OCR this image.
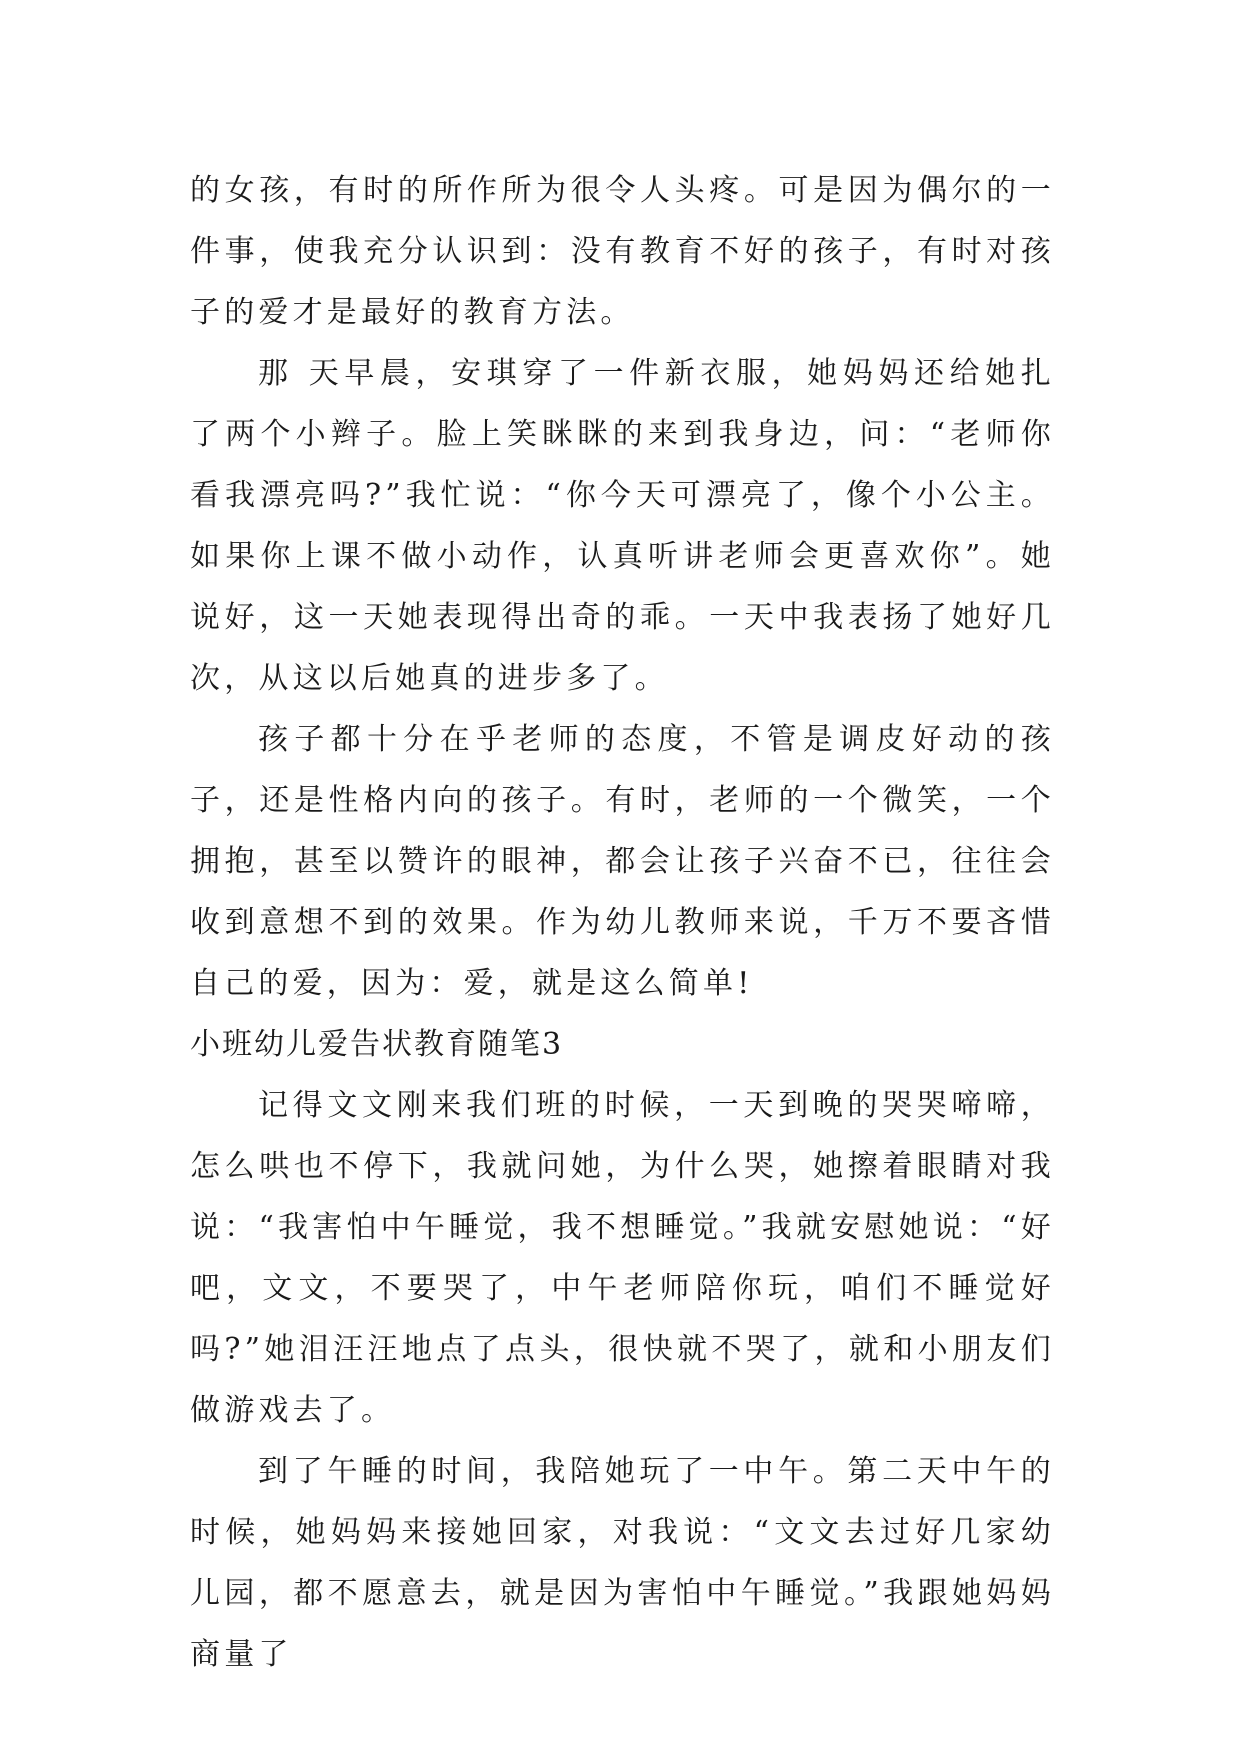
的女孩，有时的所作所为很令人头疼。可是因为偶尔的一件事，使我充分认识到：没有教育不好的孩子，有时对孩子的爱才是最好的教育方法。

那 天早晨，安琪穿了一件新衣服，她妈妈还给她扎了两个小辫子。脸上笑眯眯的来到我身边，问：“老师你看我漂亮吗?”我忙说：“你今天可漂亮了，像个小公主。如果你上课不做小动作，认真听讲老师会更喜欢你”。她说好，这一天她表现得出奇的乖。一天中我表扬了她好几次，从这以后她真的进步多了。

孩子都十分在乎老师的态度，不管是调皮好动的孩子，还是性格内向的孩子。有时，老师的一个微笑，一个拥抱，甚至以赞许的眼神，都会让孩子兴奋不已，往往会收到意想不到的效果。作为幼儿教师来说，千万不要吝惜自己的爱，因为：爱，就是这么简单!

小班幼儿爱告状教育随笔3

记得文文刚来我们班的时候，一天到晚的哭哭啼啼，怎么哄也不停下，我就问她，为什么哭，她擦着眼睛对我说：“我害怕中午睡觉，我不想睡觉。”我就安慰她说：“好吧，文文，不要哭了，中午老师陪你玩，咱们不睡觉好吗?”她泪汪汪地点了点头，很快就不哭了，就和小朋友们做游戏去了。

到了午睡的时间，我陪她玩了一中午。第二天中午的时候，她妈妈来接她回家，对我说：“文文去过好几家幼儿园，都不愿意去，就是因为害怕中午睡觉。”我跟她妈妈商量了
